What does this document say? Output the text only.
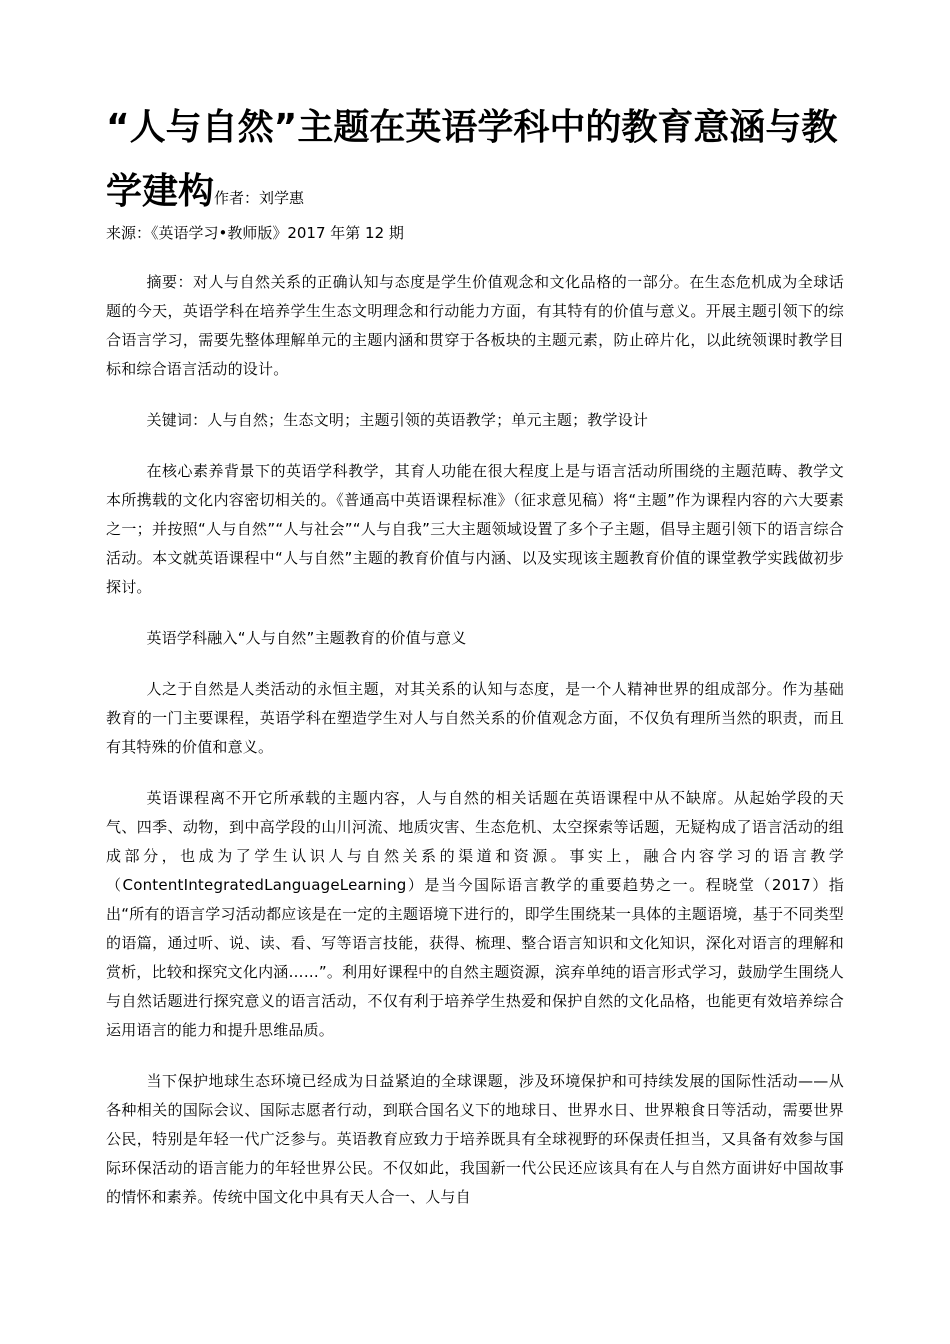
“人与自然”主题在英语学科中的教育意涵与教学建构作者：刘学惠

来源：《英语学习•教师版》2017 年第 12 期

摘要：对人与自然关系的正确认知与态度是学生价值观念和文化品格的一部分。在生态危机成为全球话题的今天，英语学科在培养学生生态文明理念和行动能力方面，有其特有的价值与意义。开展主题引领下的综合语言学习，需要先整体理解单元的主题内涵和贯穿于各板块的主题元素，防止碎片化，以此统领课时教学目标和综合语言活动的设计。

关键词：人与自然；生态文明；主题引领的英语教学；单元主题；教学设计

在核心素养背景下的英语学科教学，其育人功能在很大程度上是与语言活动所围绕的主题范畴、教学文本所携载的文化内容密切相关的。《普通高中英语课程标准》（征求意见稿）将“主题”作为课程内容的六大要素之一；并按照“人与自然”“人与社会”“人与自我”三大主题领域设置了多个子主题，倡导主题引领下的语言综合活动。本文就英语课程中“人与自然”主题的教育价值与内涵、以及实现该主题教育价值的课堂教学实践做初步探讨。

英语学科融入“人与自然”主题教育的价值与意义

人之于自然是人类活动的永恒主题，对其关系的认知与态度，是一个人精神世界的组成部分。作为基础教育的一门主要课程，英语学科在塑造学生对人与自然关系的价值观念方面，不仅负有理所当然的职责，而且有其特殊的价值和意义。

英语课程离不开它所承载的主题内容，人与自然的相关话题在英语课程中从不缺席。从起始学段的天气、四季、动物，到中高学段的山川河流、地质灾害、生态危机、太空探索等话题，无疑构成了语言活动的组成部分，也成为了学生认识人与自然关系的渠道和资源。事实上，融合内容学习的语言教学（ContentIntegratedLanguageLearning）是当今国际语言教学的重要趋势之一。程晓堂（2017）指出“所有的语言学习活动都应该是在一定的主题语境下进行的，即学生围绕某一具体的主题语境，基于不同类型的语篇，通过听、说、读、看、写等语言技能，获得、梳理、整合语言知识和文化知识，深化对语言的理解和赏析，比较和探究文化内涵……”。利用好课程中的自然主题资源，滨弃单纯的语言形式学习，鼓励学生围绕人与自然话题进行探究意义的语言活动，不仅有利于培养学生热爱和保护自然的文化品格，也能更有效培养综合运用语言的能力和提升思维品质。

当下保护地球生态环境已经成为日益紧迫的全球课题，涉及环境保护和可持续发展的国际性活动——从各种相关的国际会议、国际志愿者行动，到联合国名义下的地球日、世界水日、世界粮食日等活动，需要世界公民，特别是年轻一代广泛参与。英语教育应致力于培养既具有全球视野的环保责任担当，又具备有效参与国际环保活动的语言能力的年轻世界公民。不仅如此，我国新一代公民还应该具有在人与自然方面讲好中国故事的情怀和素养。传统中国文化中具有天人合一、人与自
